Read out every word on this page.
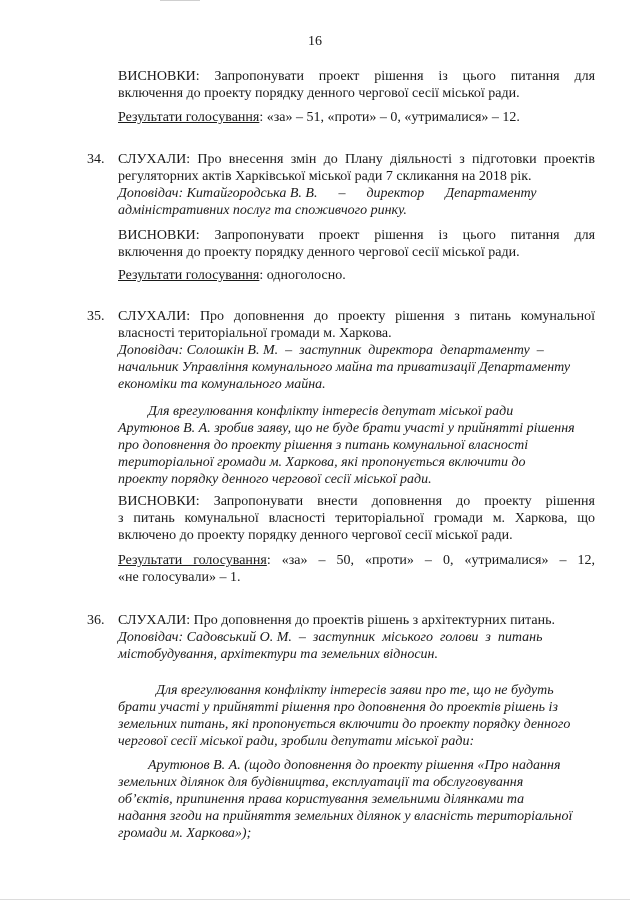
16
ВИСНОВКИ: Запропонувати проект рішення із цього питання для
включення до проекту порядку денного чергової сесії міської ради.
Результати голосування: «за» – 51, «проти» – 0, «утрималися» – 12.
34. СЛУХАЛИ: Про внесення змін до Плану діяльності з підготовки проектів
регуляторних актів Харківської міської ради 7 скликання на 2018 рік.
Доповідач: Китайгородська В. В.      –      директор      Департаменту
адміністративних послуг та споживчого ринку.
ВИСНОВКИ: Запропонувати проект рішення із цього питання для
включення до проекту порядку денного чергової сесії міської ради.
Результати голосування: одноголосно.
35. СЛУХАЛИ: Про доповнення до проекту рішення з питань комунальної
власності територіальної громади м. Харкова.
Доповідач: Солошкін В. М.  –  заступник  директора  департаменту  –
начальник Управління комунального майна та приватизації Департаменту
економіки та комунального майна.
Для врегулювання конфлікту інтересів депутат міської ради
Арутюнов В. А. зробив заяву, що не буде брати участі у прийнятті рішення
про доповнення до проекту рішення з питань комунальної власності
територіальної громади м. Харкова, які пропонується включити до
проекту порядку денного чергової сесії міської ради.
ВИСНОВКИ: Запропонувати внести доповнення до проекту рішення
з питань комунальної власності територіальної громади м. Харкова, що
включено до проекту порядку денного чергової сесії міської ради.
Результати голосування: «за» – 50, «проти» – 0, «утрималися» – 12,
«не голосували» – 1.
36. СЛУХАЛИ: Про доповнення до проектів рішень з архітектурних питань.
Доповідач: Садовський О. М.  –  заступник  міського  голови  з  питань
містобудування, архітектури та земельних відносин.
Для врегулювання конфлікту інтересів заяви про те, що не будуть
брати участі у прийнятті рішення про доповнення до проектів рішень із
земельних питань, які пропонується включити до проекту порядку денного
чергової сесії міської ради, зробили депутати міської ради:
Арутюнов В. А. (щодо доповнення до проекту рішення «Про надання
земельних ділянок для будівництва, експлуатації та обслуговування
об’єктів, припинення права користування земельними ділянками та
надання згоди на прийняття земельних ділянок у власність територіальної
громади м. Харкова»);
